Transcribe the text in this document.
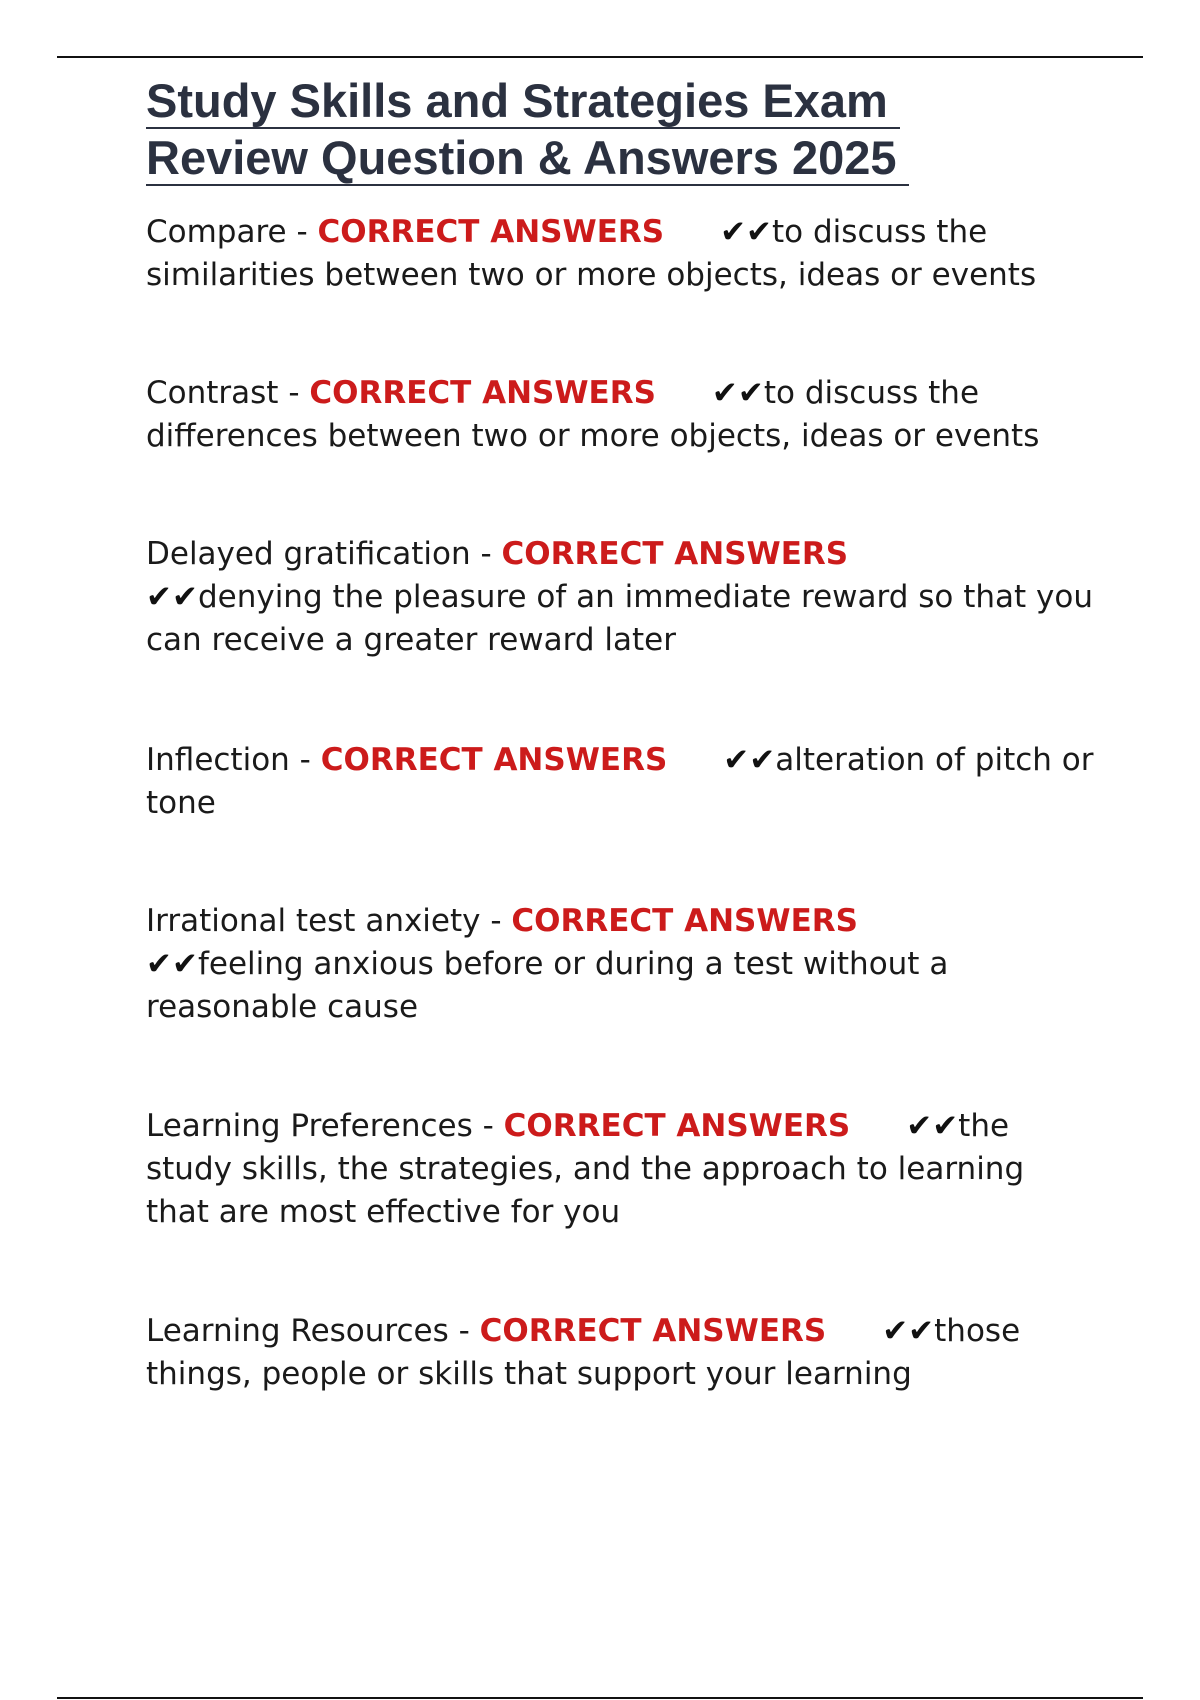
Study Skills and Strategies Exam
Review Question & Answers 2025

Compare - CORRECT ANSWERS ✔✔to discuss the similarities between two or more objects, ideas or events

Contrast - CORRECT ANSWERS ✔✔to discuss the differences between two or more objects, ideas or events

Delayed gratification - CORRECT ANSWERS
✔✔denying the pleasure of an immediate reward so that you can receive a greater reward later

Inflection - CORRECT ANSWERS ✔✔alteration of pitch or tone

Irrational test anxiety - CORRECT ANSWERS
✔✔feeling anxious before or during a test without a reasonable cause

Learning Preferences - CORRECT ANSWERS ✔✔the study skills, the strategies, and the approach to learning that are most effective for you

Learning Resources - CORRECT ANSWERS ✔✔those things, people or skills that support your learning
